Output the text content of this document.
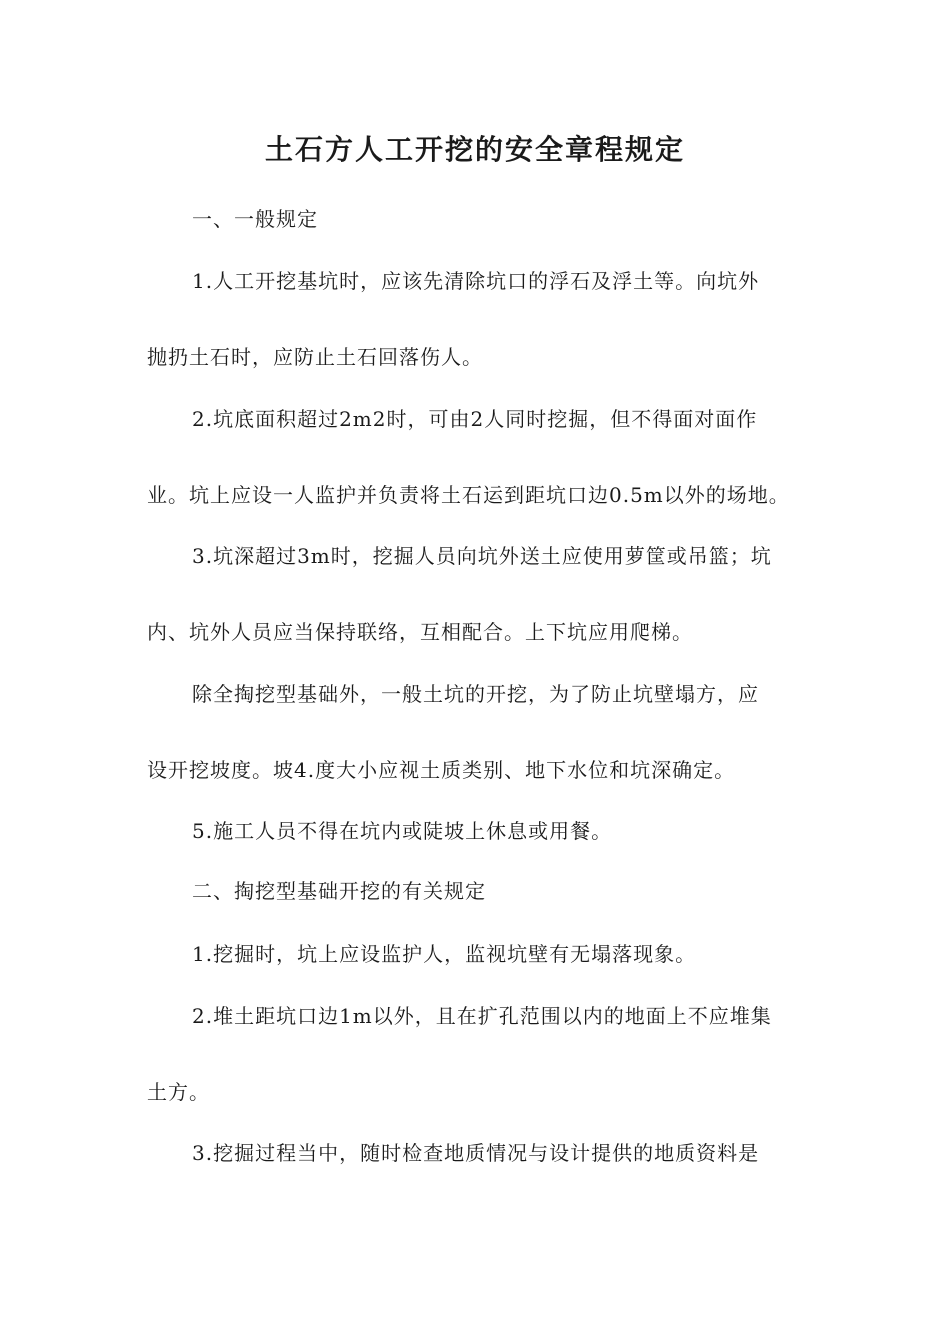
土石方人工开挖的安全章程规定
一、一般规定
1.人工开挖基坑时，应该先清除坑口的浮石及浮土等。向坑外
抛扔土石时，应防止土石回落伤人。
2.坑底面积超过2m2时，可由2人同时挖掘，但不得面对面作
业。坑上应设一人监护并负责将土石运到距坑口边0.5m以外的场地。
3.坑深超过3m时，挖掘人员向坑外送土应使用萝筐或吊篮；坑
内、坑外人员应当保持联络，互相配合。上下坑应用爬梯。
除全掏挖型基础外，一般土坑的开挖，为了防止坑壁塌方，应
设开挖坡度。坡4.度大小应视土质类别、地下水位和坑深确定。
5.施工人员不得在坑内或陡坡上休息或用餐。
二、掏挖型基础开挖的有关规定
1.挖掘时，坑上应设监护人，监视坑壁有无塌落现象。
2.堆土距坑口边1m以外，且在扩孔范围以内的地面上不应堆集
土方。
3.挖掘过程当中，随时检查地质情况与设计提供的地质资料是
